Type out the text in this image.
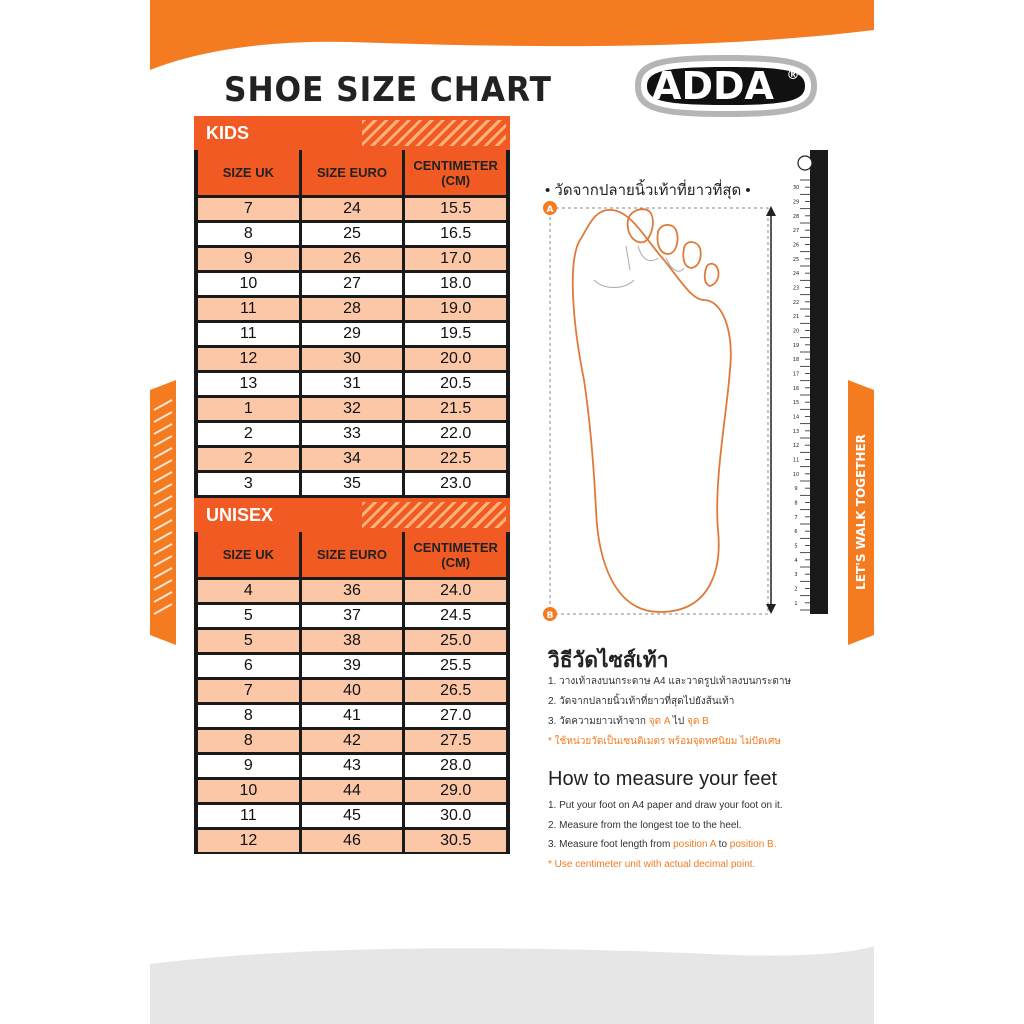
SHOE SIZE CHART	ADDA ®
KIDS
SIZE UK	SIZE EURO	CENTIMETER
(CM)
7	24	15.5
8	25	16.5
9	26	17.0
10	27	18.0
11	28	19.0
11	29	19.5
12	30	20.0
13	31	20.5
1	32	21.5
2	33	22.0
2	34	22.5
3	35	23.0
UNISEX
SIZE UK	SIZE EURO	CENTIMETER
(CM)
4	36	24.0
5	37	24.5
5	38	25.0
6	39	25.5
7	40	26.5
8	41	27.0
8	42	27.5
9	43	28.0
10	44	29.0
11	45	30.0
12	46	30.5
LET'S WALK TOGETHER
• วัดจากปลายนิ้วเท้าที่ยาวที่สุด •
A
B
30
29
28
27
26
25
24
23
22
21
20
19
18
17
16
15
14
13
12
11
10
9
8
7
6
5
4
3
2
1
วิธีวัดไซส์เท้า
1. วางเท้าลงบนกระดาษ A4 และวาดรูปเท้าลงบนกระดาษ
2. วัดจากปลายนิ้วเท้าที่ยาวที่สุดไปยังส้นเท้า
3. วัดความยาวเท้าจาก จุด A ไป จุด B
* ใช้หน่วยวัดเป็นเซนติเมตร พร้อมจุดทศนิยม ไม่ปัดเศษ
How to measure your feet
1. Put your foot on A4 paper and draw your foot on it.
2. Measure from the longest toe to the heel.
3. Measure foot length from position A to position B.
* Use centimeter unit with actual decimal point.
